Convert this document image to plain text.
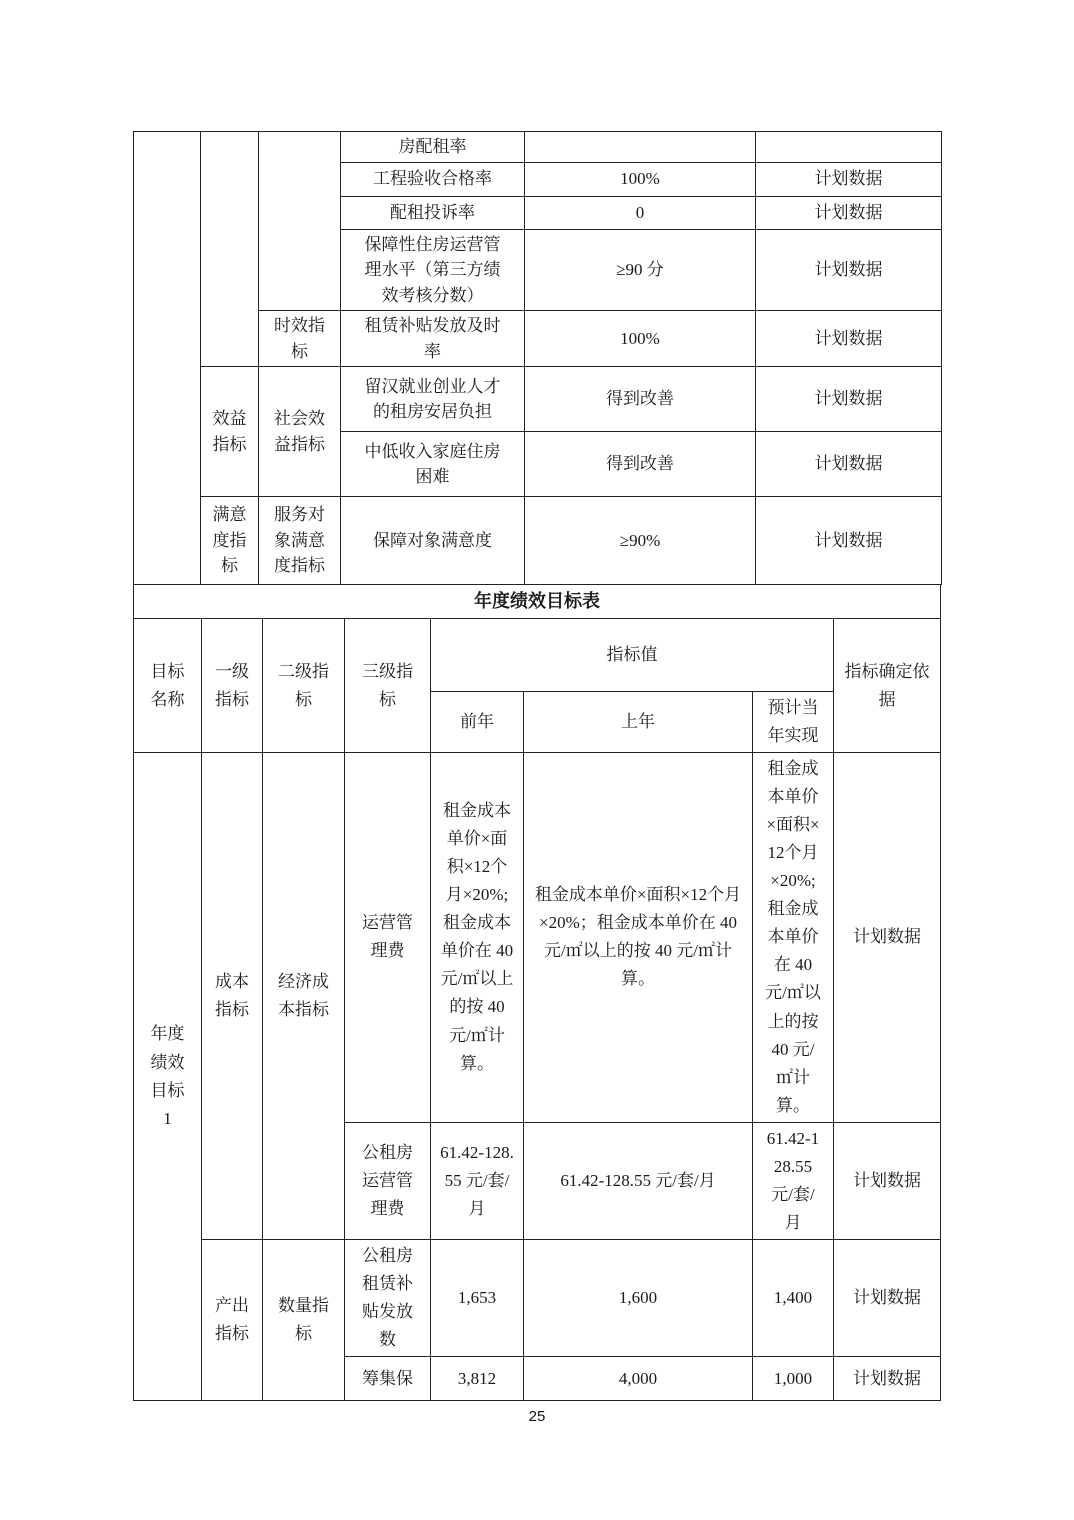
			房配租率		
			工程验收合格率	100%	计划数据
			配租投诉率	0	计划数据
			保障性住房运营管理水平（第三方绩效考核分数）	≥90 分	计划数据
		时效指标	租赁补贴发放及时率	100%	计划数据
	效益指标	社会效益指标	留汉就业创业人才的租房安居负担	得到改善	计划数据
			中低收入家庭住房困难	得到改善	计划数据
	满意度指标	服务对象满意度指标	保障对象满意度	≥90%	计划数据
年度绩效目标表
目标名称	一级指标	二级指标	三级指标	指标值			指标确定依据
				前年	上年	预计当年实现	
年度绩效目标1	成本指标	经济成本指标	运营管理费	租金成本单价×面积×12个月×20%;租金成本单价在 40 元/㎡以上的按 40 元/㎡计算。	租金成本单价×面积×12个月×20%；租金成本单价在 40 元/㎡以上的按 40 元/㎡计算。	租金成本单价×面积×12个月×20%;租金成本单价在 40 元/㎡以上的按 40 元/㎡计算。	计划数据
			公租房运营管理费	61.42-128.55 元/套/月	61.42-128.55 元/套/月	61.42-128.55 元/套/月	计划数据
	产出指标	数量指标	公租房租赁补贴发放数	1,653	1,600	1,400	计划数据
			筹集保	3,812	4,000	1,000	计划数据
25
